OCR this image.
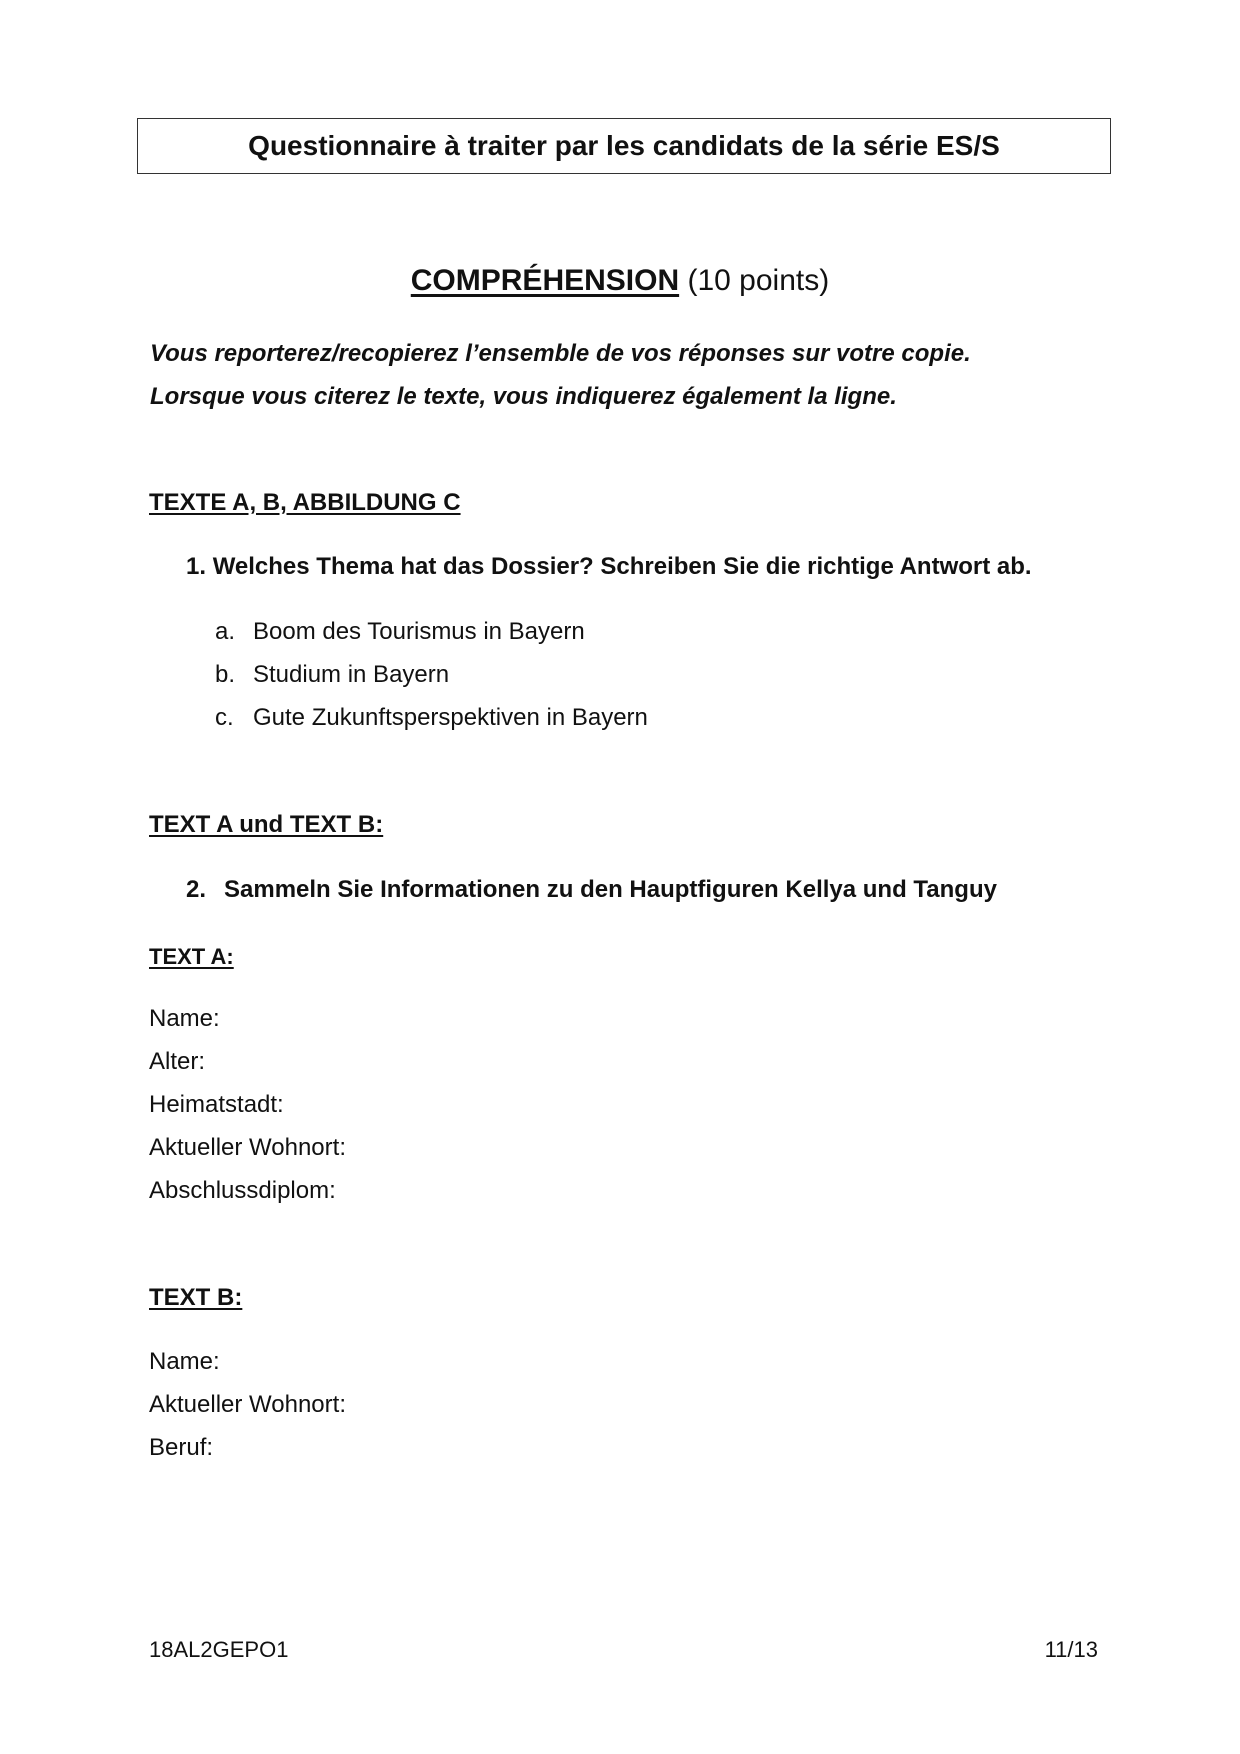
Questionnaire à traiter par les candidats de la série ES/S
COMPRÉHENSION (10 points)

Vous reporterez/recopierez l’ensemble de vos réponses sur votre copie.

Lorsque vous citerez le texte, vous indiquerez également la ligne.

TEXTE A, B, ABBILDUNG C

1. Welches Thema hat das Dossier? Schreiben Sie die richtige Antwort ab.
a. Boom des Tourismus in Bayern
b. Studium in Bayern
c. Gute Zukunftsperspektiven in Bayern

TEXT A und TEXT B:

2. Sammeln Sie Informationen zu den Hauptfiguren Kellya und Tanguy

TEXT A:

Name:

Alter:

Heimatstadt:

Aktueller Wohnort:

Abschlussdiplom:

TEXT B:

Name:

Aktueller Wohnort:

Beruf:

18AL2GEPO1	11/13
